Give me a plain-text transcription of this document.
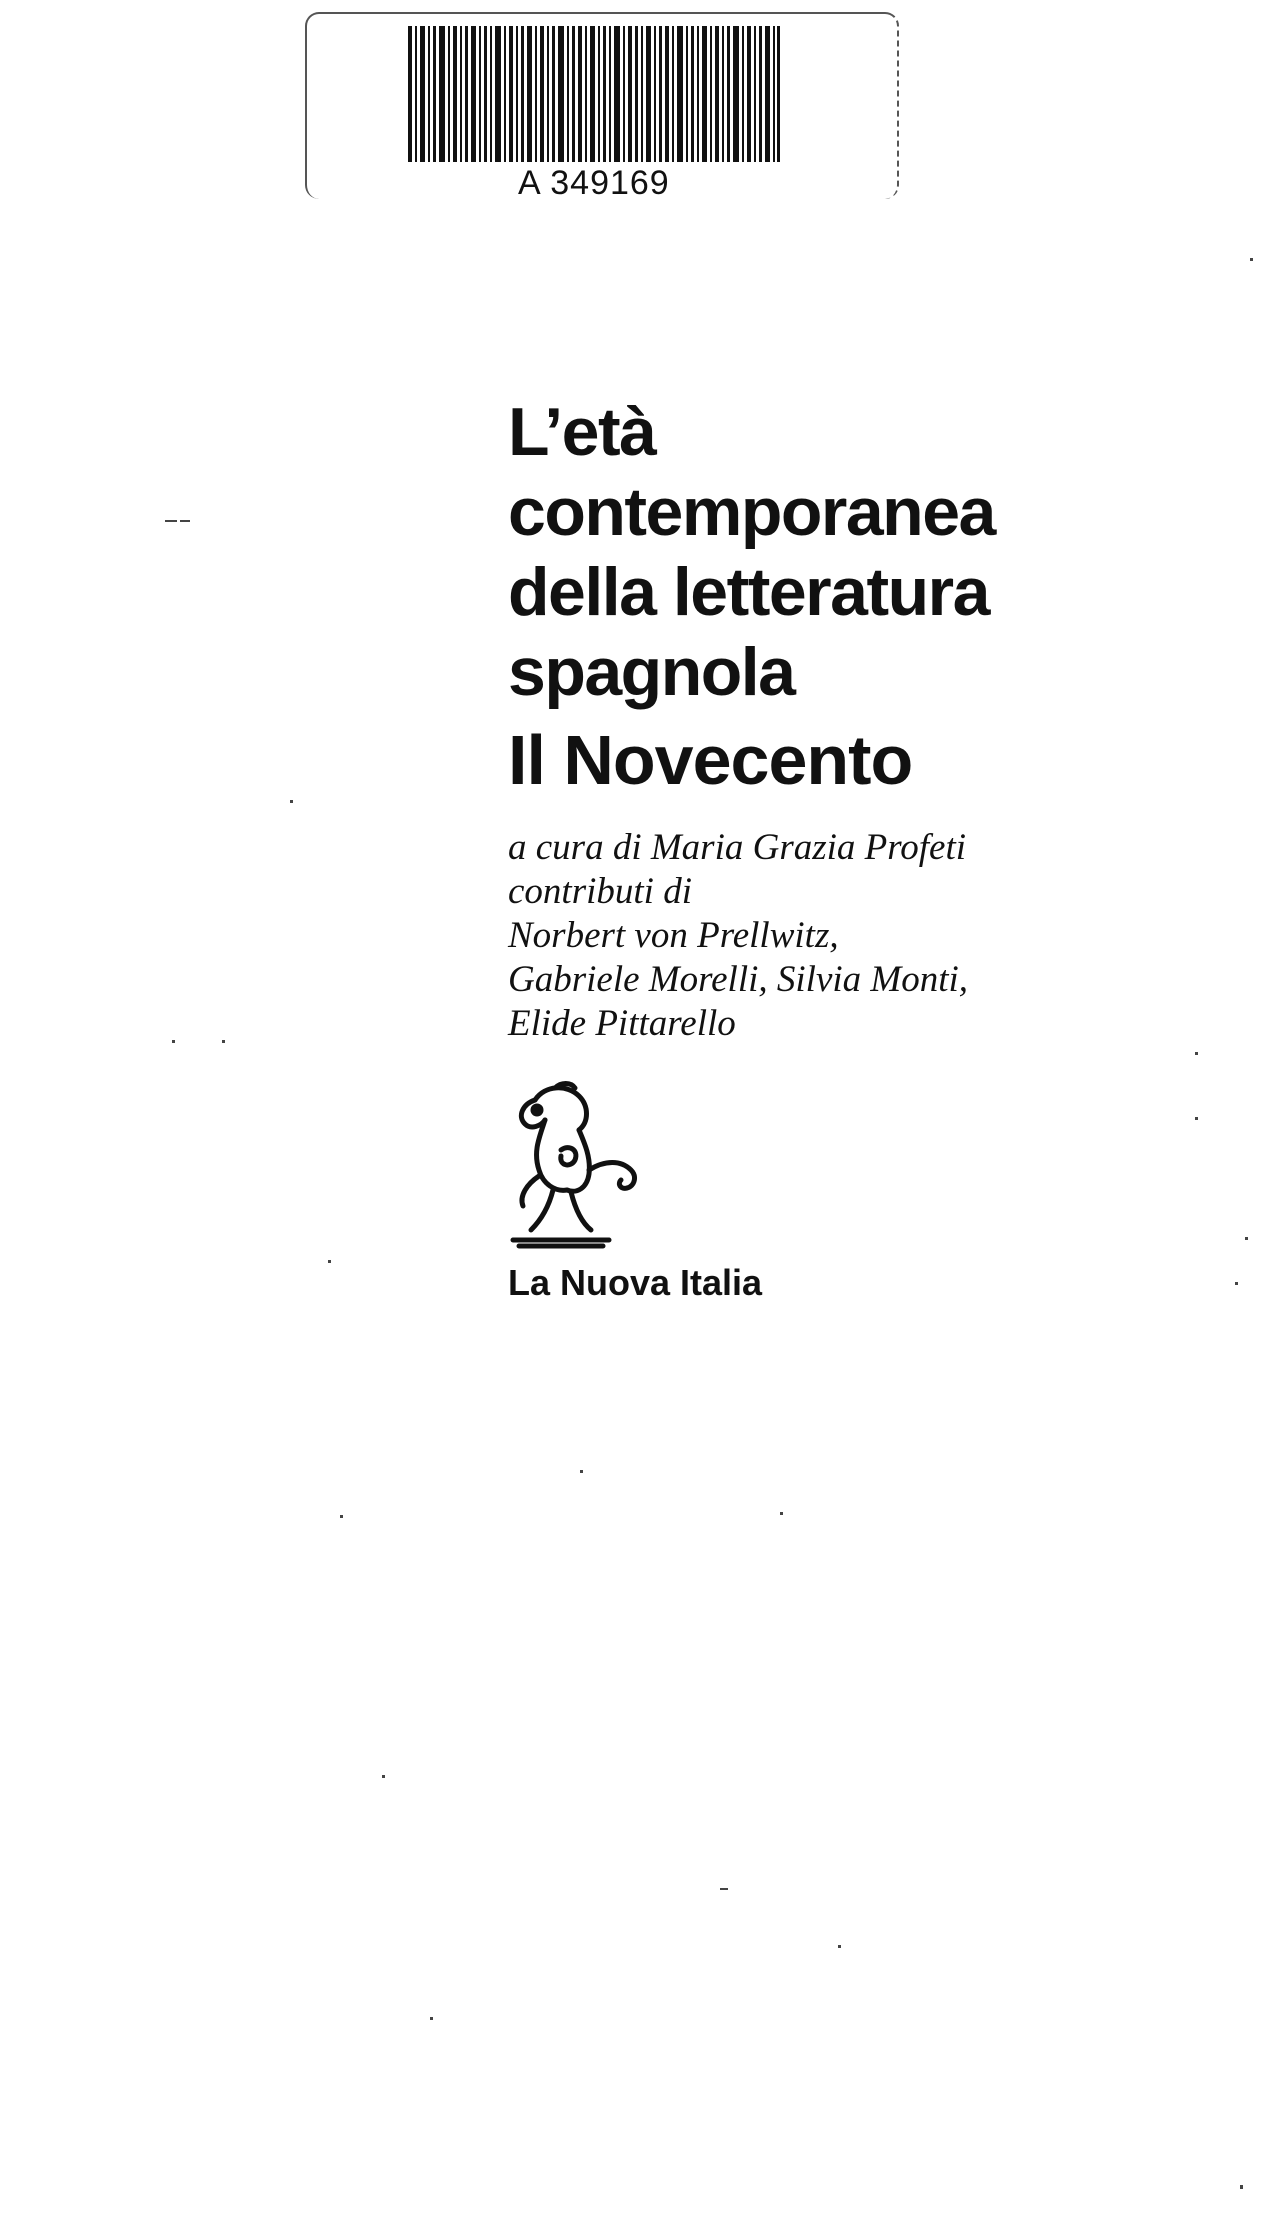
A 349169
L’età
contemporanea
della letteratura
spagnola
Il Novecento
a cura di Maria Grazia Profeti
contributi di
Norbert von Prellwitz,
Gabriele Morelli, Silvia Monti,
Elide Pittarello
La Nuova Italia
